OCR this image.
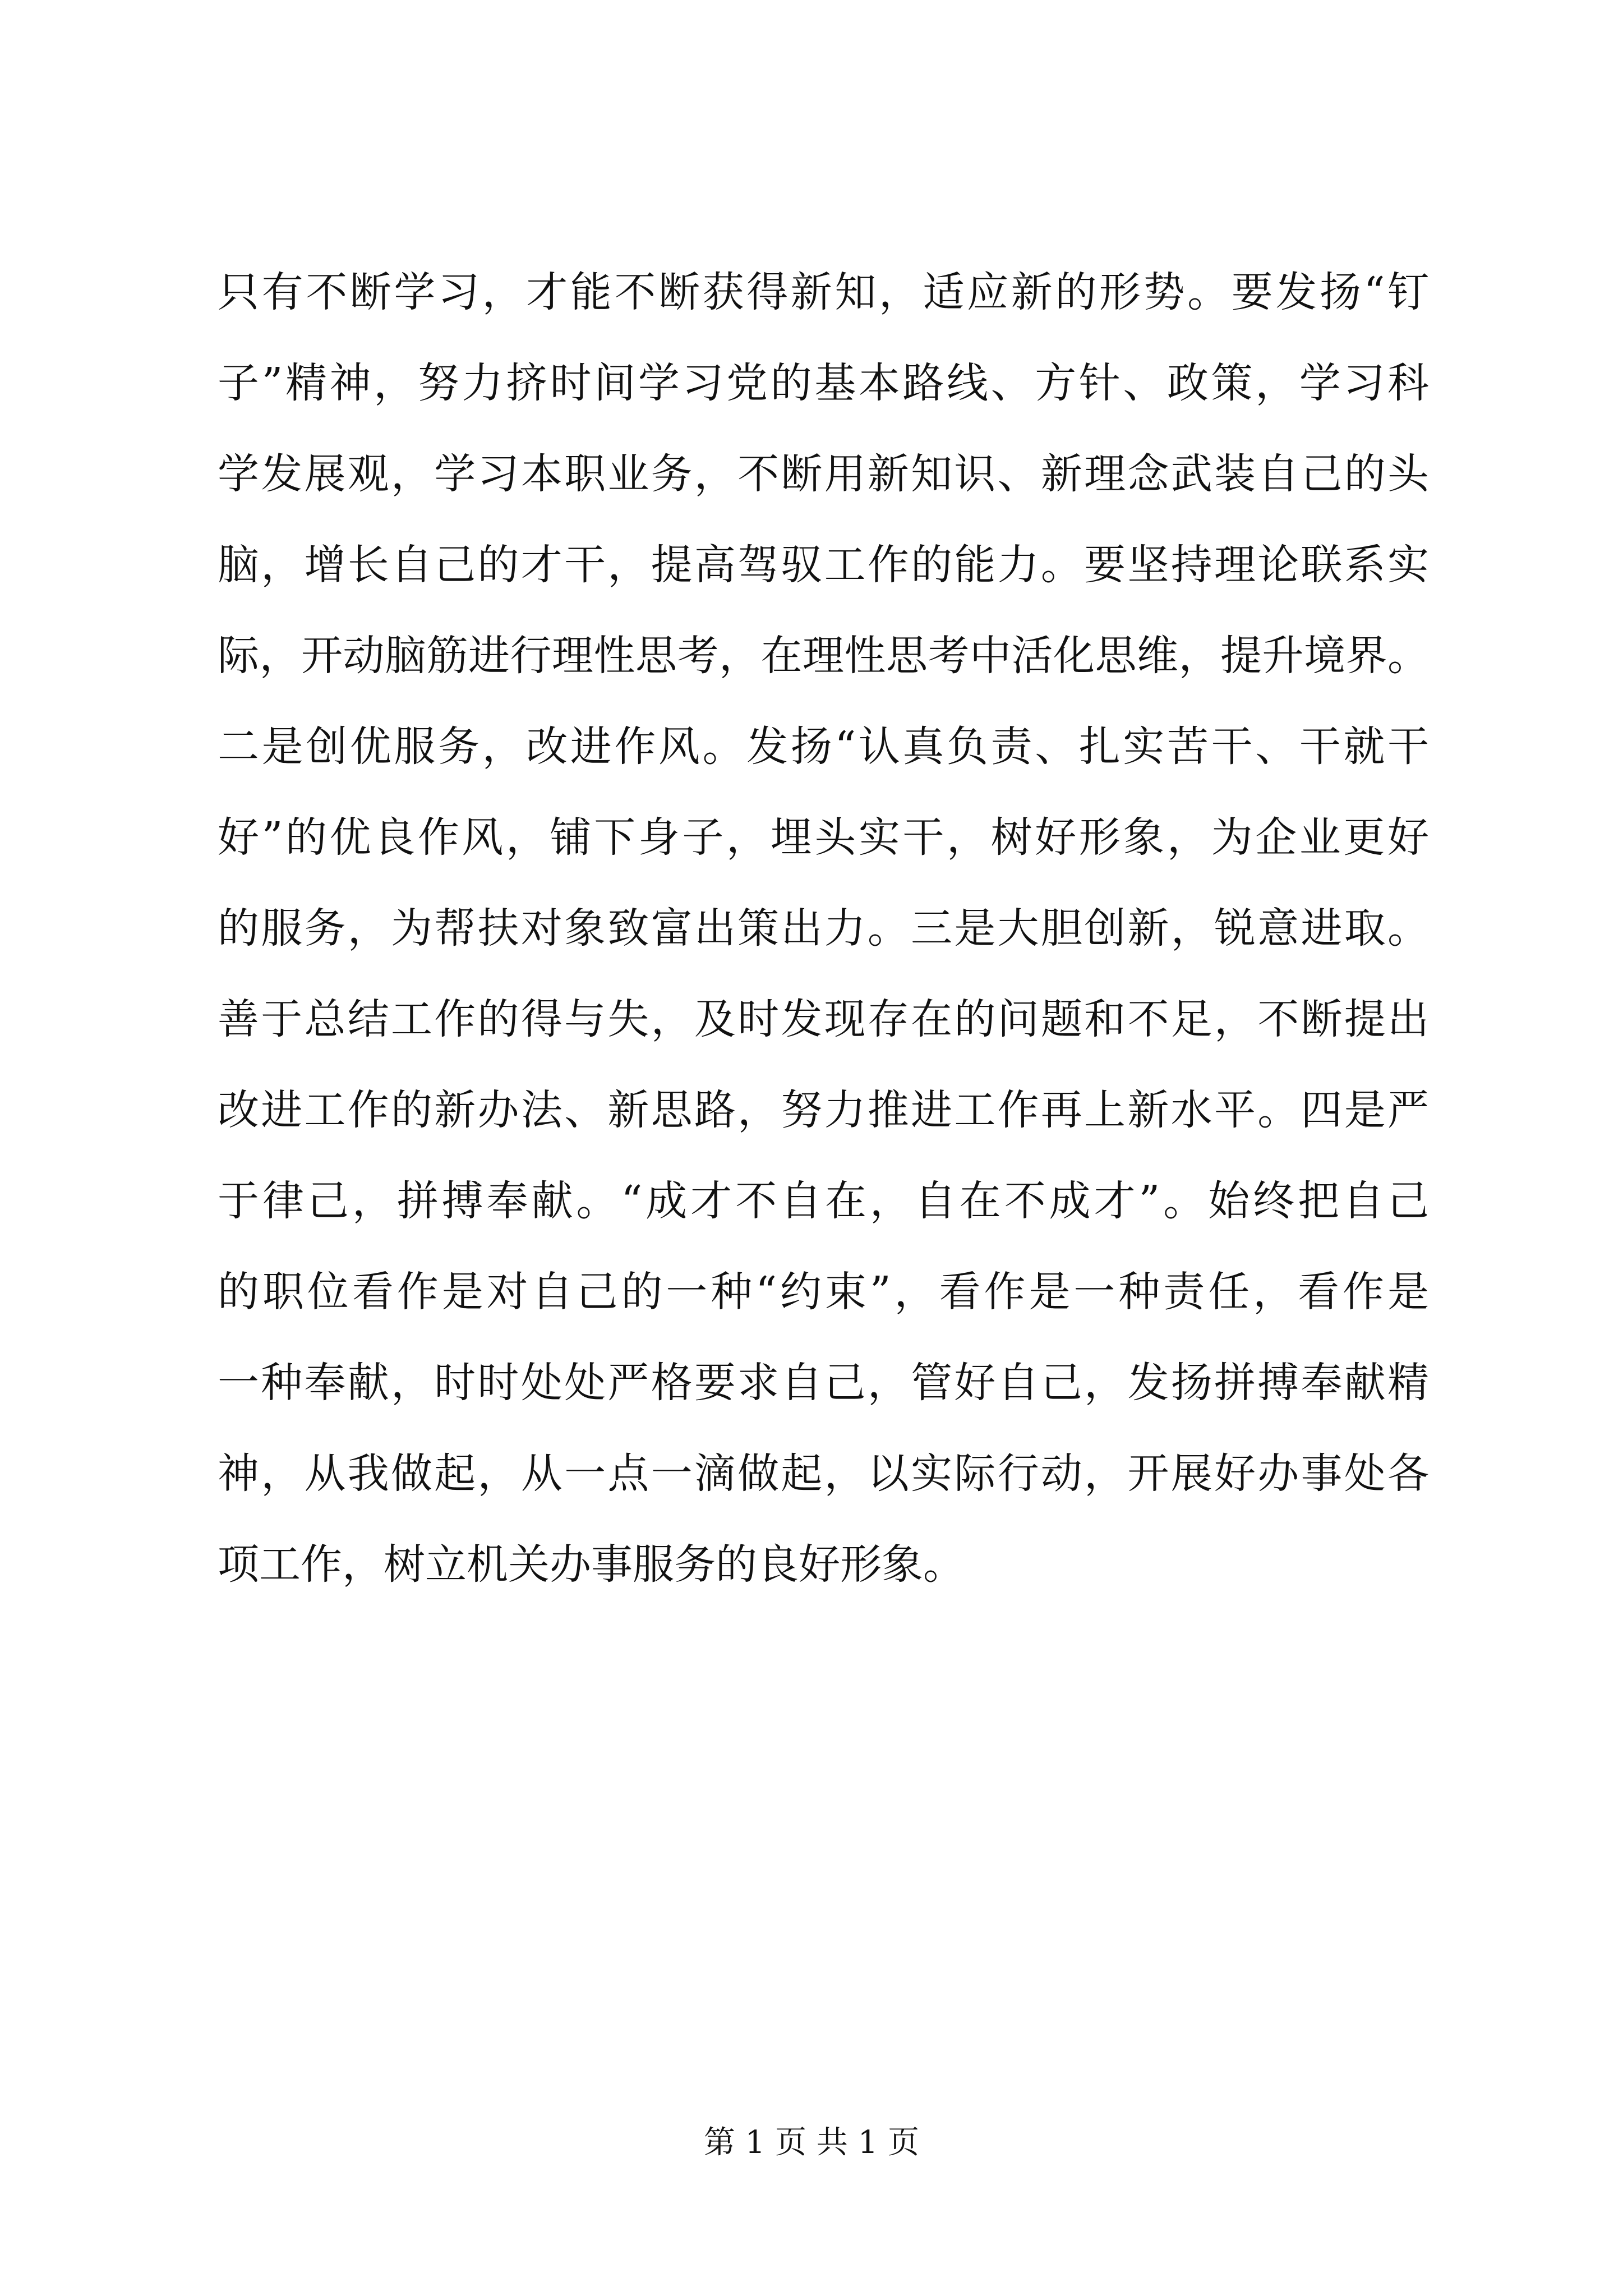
只有不断学习，才能不断获得新知，适应新的形势。要发扬“钉
子”精神，努力挤时间学习党的基本路线、方针、政策，学习科
学发展观，学习本职业务，不断用新知识、新理念武装自己的头
脑，增长自己的才干，提高驾驭工作的能力。要坚持理论联系实
际，开动脑筋进行理性思考，在理性思考中活化思维，提升境界。
二是创优服务，改进作风。发扬“认真负责、扎实苦干、干就干
好”的优良作风，铺下身子，埋头实干，树好形象，为企业更好
的服务，为帮扶对象致富出策出力。三是大胆创新，锐意进取。
善于总结工作的得与失，及时发现存在的问题和不足，不断提出
改进工作的新办法、新思路，努力推进工作再上新水平。四是严
于律己，拼搏奉献。“成才不自在，自在不成才”。始终把自己
的职位看作是对自己的一种“约束”，看作是一种责任，看作是
一种奉献，时时处处严格要求自己，管好自己，发扬拼搏奉献精
神，从我做起，从一点一滴做起，以实际行动，开展好办事处各
项工作，树立机关办事服务的良好形象。
第 1 页 共 1 页
